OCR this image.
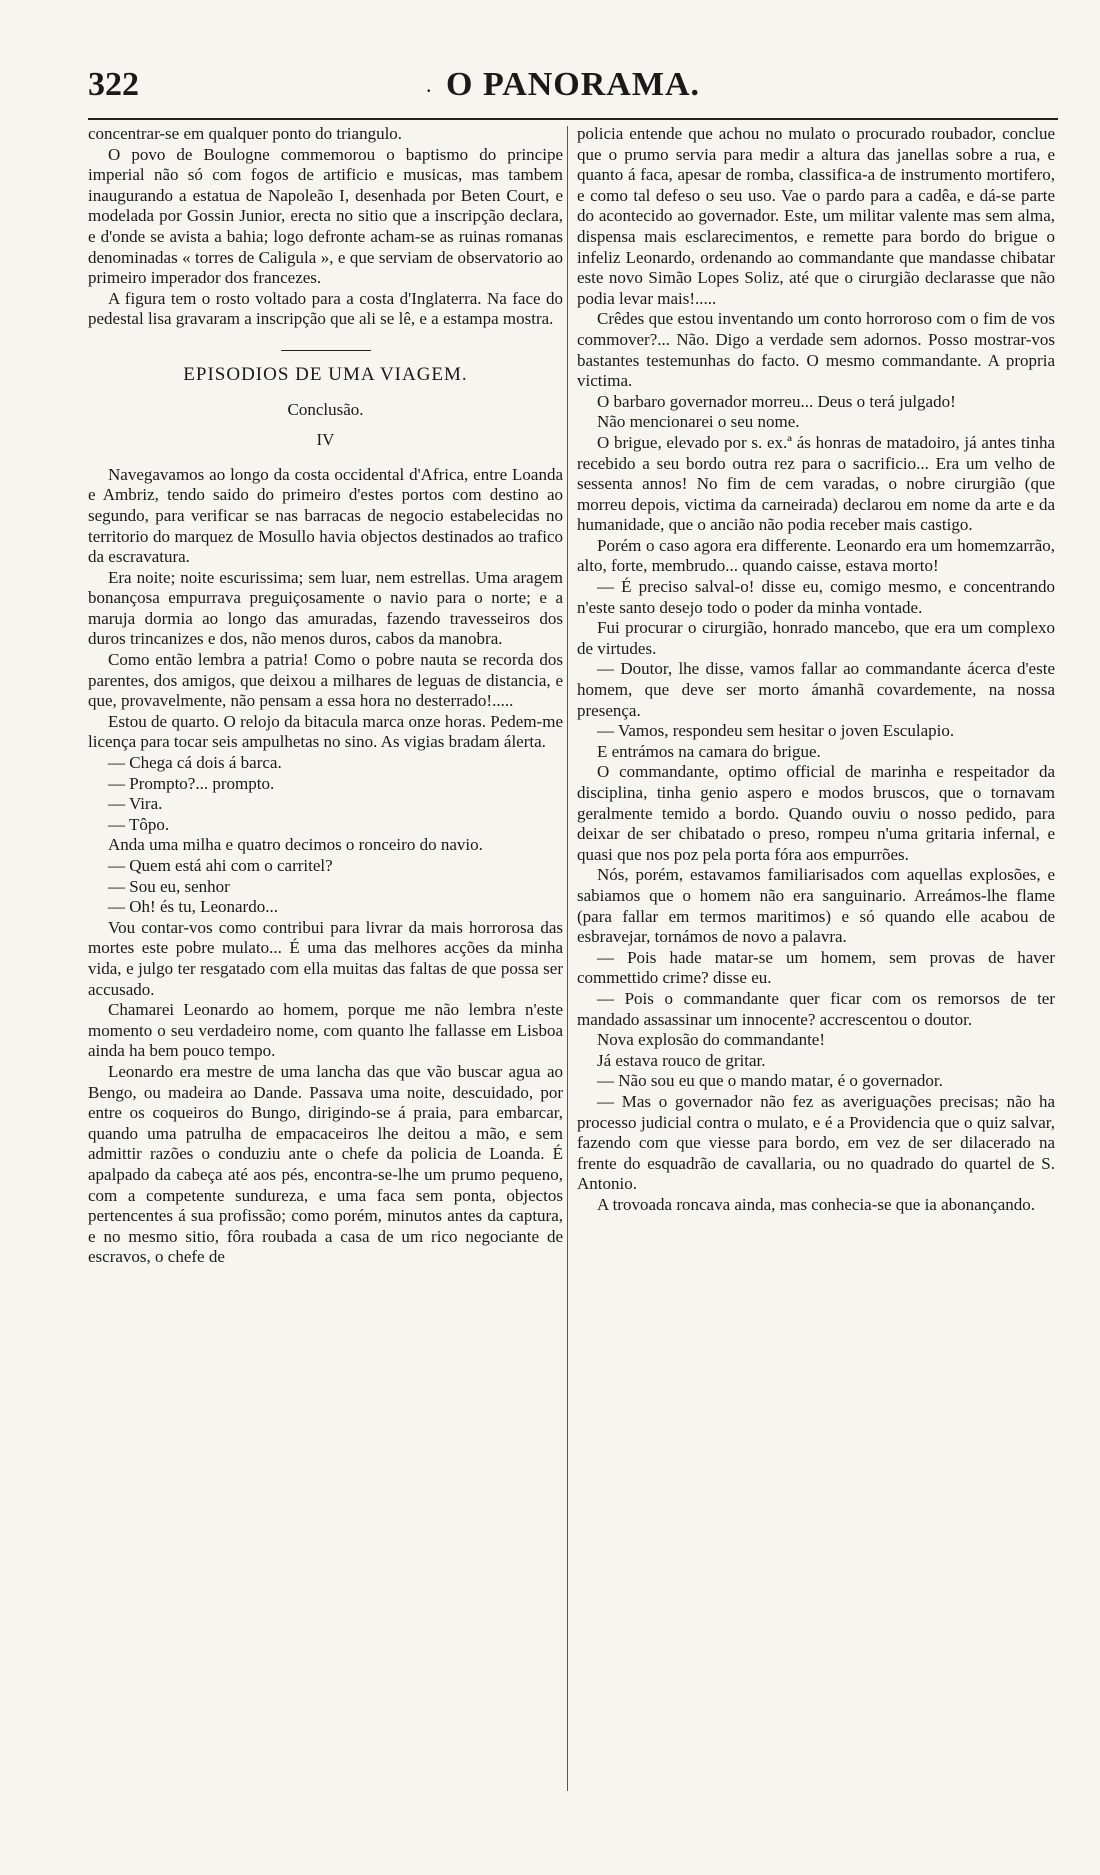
322	. O PANORAMA.

concentrar-se em qualquer ponto do triangulo.

O povo de Boulogne commemorou o baptismo do principe imperial não só com fogos de artificio e musicas, mas tambem inaugurando a estatua de Napoleão I, desenhada por Beten Court, e modelada por Gossin Junior, erecta no sitio que a inscripção declara, e d'onde se avista a bahia; logo defronte acham-se as ruinas romanas denominadas « torres de Caligula », e que serviam de observatorio ao primeiro imperador dos francezes.

A figura tem o rosto voltado para a costa d'Inglaterra. Na face do pedestal lisa gravaram a inscripção que ali se lê, e a estampa mostra.

EPISODIOS DE UMA VIAGEM.
Conclusão.
IV

Navegavamos ao longo da costa occidental d'Africa, entre Loanda e Ambriz, tendo saido do primeiro d'estes portos com destino ao segundo, para verificar se nas barracas de negocio estabelecidas no territorio do marquez de Mosullo havia objectos destinados ao trafico da escravatura.

Era noite; noite escurissima; sem luar, nem estrellas. Uma aragem bonançosa empurrava preguiçosamente o navio para o norte; e a maruja dormia ao longo das amuradas, fazendo travesseiros dos duros trincanizes e dos, não menos duros, cabos da manobra.

Como então lembra a patria! Como o pobre nauta se recorda dos parentes, dos amigos, que deixou a milhares de leguas de distancia, e que, provavelmente, não pensam a essa hora no desterrado!.....

Estou de quarto. O relojo da bitacula marca onze horas. Pedem-me licença para tocar seis ampulhetas no sino. As vigias bradam álerta.

— Chega cá dois á barca.

— Prompto?... prompto.

— Vira.

— Tôpo.

Anda uma milha e quatro decimos o ronceiro do navio.

— Quem está ahi com o carritel?

— Sou eu, senhor

— Oh! és tu, Leonardo...

Vou contar-vos como contribui para livrar da mais horrorosa das mortes este pobre mulato... É uma das melhores acções da minha vida, e julgo ter resgatado com ella muitas das faltas de que possa ser accusado.

Chamarei Leonardo ao homem, porque me não lembra n'este momento o seu verdadeiro nome, com quanto lhe fallasse em Lisboa ainda ha bem pouco tempo.

Leonardo era mestre de uma lancha das que vão buscar agua ao Bengo, ou madeira ao Dande. Passava uma noite, descuidado, por entre os coqueiros do Bungo, dirigindo-se á praia, para embarcar, quando uma patrulha de empacaceiros lhe deitou a mão, e sem admittir razões o conduziu ante o chefe da policia de Loanda. É apalpado da cabeça até aos pés, encontra-se-lhe um prumo pequeno, com a competente sundureza, e uma faca sem ponta, objectos pertencentes á sua profissão; como porém, minutos antes da captura, e no mesmo sitio, fôra roubada a casa de um rico negociante de escravos, o chefe de

policia entende que achou no mulato o procurado roubador, conclue que o prumo servia para medir a altura das janellas sobre a rua, e quanto á faca, apesar de romba, classifica-a de instrumento mortifero, e como tal defeso o seu uso. Vae o pardo para a cadêa, e dá-se parte do acontecido ao governador. Este, um militar valente mas sem alma, dispensa mais esclarecimentos, e remette para bordo do brigue o infeliz Leonardo, ordenando ao commandante que mandasse chibatar este novo Simão Lopes Soliz, até que o cirurgião declarasse que não podia levar mais!.....

Crêdes que estou inventando um conto horroroso com o fim de vos commover?... Não. Digo a verdade sem adornos. Posso mostrar-vos bastantes testemunhas do facto. O mesmo commandante. A propria victima.

O barbaro governador morreu... Deus o terá julgado!

Não mencionarei o seu nome.

O brigue, elevado por s. ex.ª ás honras de matadoiro, já antes tinha recebido a seu bordo outra rez para o sacrificio... Era um velho de sessenta annos! No fim de cem varadas, o nobre cirurgião (que morreu depois, victima da carneirada) declarou em nome da arte e da humanidade, que o ancião não podia receber mais castigo.

Porém o caso agora era differente. Leonardo era um homemzarrão, alto, forte, membrudo... quando caisse, estava morto!

— É preciso salval-o! disse eu, comigo mesmo, e concentrando n'este santo desejo todo o poder da minha vontade.

Fui procurar o cirurgião, honrado mancebo, que era um complexo de virtudes.

— Doutor, lhe disse, vamos fallar ao commandante ácerca d'este homem, que deve ser morto ámanhã covardemente, na nossa presença.

— Vamos, respondeu sem hesitar o joven Esculapio.

E entrámos na camara do brigue.

O commandante, optimo official de marinha e respeitador da disciplina, tinha genio aspero e modos bruscos, que o tornavam geralmente temido a bordo. Quando ouviu o nosso pedido, para deixar de ser chibatado o preso, rompeu n'uma gritaria infernal, e quasi que nos poz pela porta fóra aos empurrões.

Nós, porém, estavamos familiarisados com aquellas explosões, e sabiamos que o homem não era sanguinario. Arreámos-lhe flame (para fallar em termos maritimos) e só quando elle acabou de esbravejar, tornámos de novo a palavra.

— Pois hade matar-se um homem, sem provas de haver commettido crime? disse eu.

— Pois o commandante quer ficar com os remorsos de ter mandado assassinar um innocente? accrescentou o doutor.

Nova explosão do commandante!

Já estava rouco de gritar.

— Não sou eu que o mando matar, é o governador.

— Mas o governador não fez as averiguações precisas; não ha processo judicial contra o mulato, e é a Providencia que o quiz salvar, fazendo com que viesse para bordo, em vez de ser dilacerado na frente do esquadrão de cavallaria, ou no quadrado do quartel de S. Antonio.

A trovoada roncava ainda, mas conhecia-se que ia abonançando.
